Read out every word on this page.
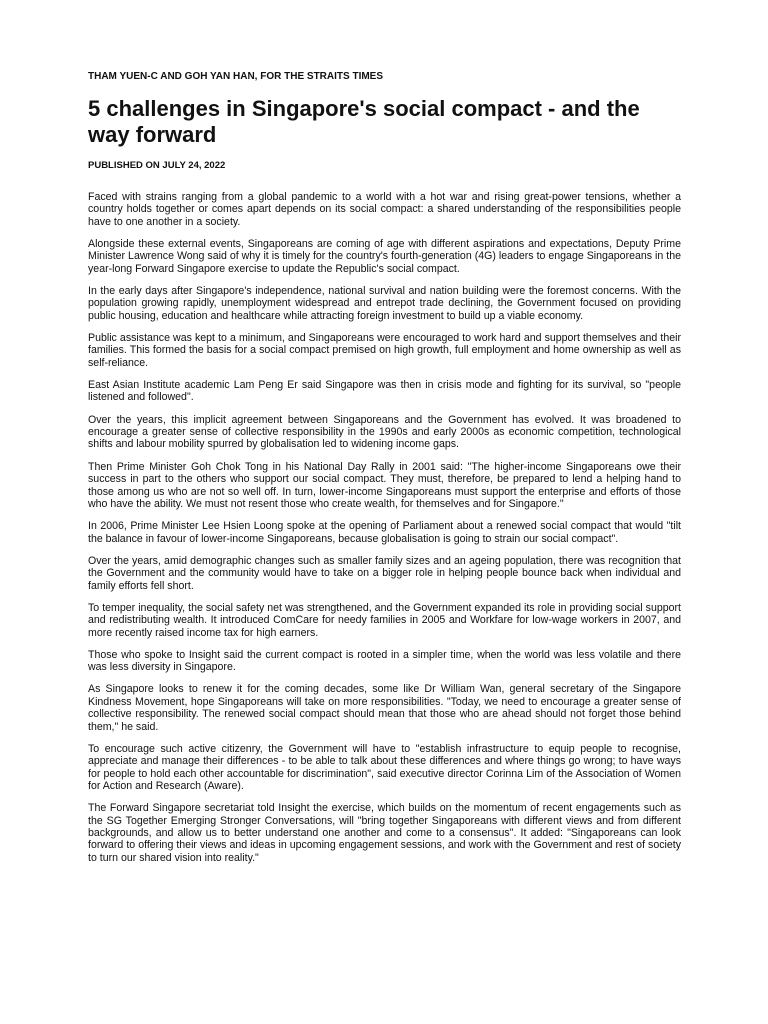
THAM YUEN-C AND GOH YAN HAN, FOR THE STRAITS TIMES
5 challenges in Singapore's social compact - and the way forward
PUBLISHED ON JULY 24, 2022

Faced with strains ranging from a global pandemic to a world with a hot war and rising great-power tensions, whether a country holds together or comes apart depends on its social compact: a shared understanding of the responsibilities people have to one another in a society.

Alongside these external events, Singaporeans are coming of age with different aspirations and expectations, Deputy Prime Minister Lawrence Wong said of why it is timely for the country's fourth-generation (4G) leaders to engage Singaporeans in the year-long Forward Singapore exercise to update the Republic's social compact.

In the early days after Singapore's independence, national survival and nation building were the foremost concerns. With the population growing rapidly, unemployment widespread and entrepot trade declining, the Government focused on providing public housing, education and healthcare while attracting foreign investment to build up a viable economy.

Public assistance was kept to a minimum, and Singaporeans were encouraged to work hard and support themselves and their families. This formed the basis for a social compact premised on high growth, full employment and home ownership as well as self-reliance.

East Asian Institute academic Lam Peng Er said Singapore was then in crisis mode and fighting for its survival, so "people listened and followed".

Over the years, this implicit agreement between Singaporeans and the Government has evolved. It was broadened to encourage a greater sense of collective responsibility in the 1990s and early 2000s as economic competition, technological shifts and labour mobility spurred by globalisation led to widening income gaps.

Then Prime Minister Goh Chok Tong in his National Day Rally in 2001 said: "The higher-income Singaporeans owe their success in part to the others who support our social compact. They must, therefore, be prepared to lend a helping hand to those among us who are not so well off. In turn, lower-income Singaporeans must support the enterprise and efforts of those who have the ability. We must not resent those who create wealth, for themselves and for Singapore."

In 2006, Prime Minister Lee Hsien Loong spoke at the opening of Parliament about a renewed social compact that would "tilt the balance in favour of lower-income Singaporeans, because globalisation is going to strain our social compact".

Over the years, amid demographic changes such as smaller family sizes and an ageing population, there was recognition that the Government and the community would have to take on a bigger role in helping people bounce back when individual and family efforts fell short.

To temper inequality, the social safety net was strengthened, and the Government expanded its role in providing social support and redistributing wealth. It introduced ComCare for needy families in 2005 and Workfare for low-wage workers in 2007, and more recently raised income tax for high earners.

Those who spoke to Insight said the current compact is rooted in a simpler time, when the world was less volatile and there was less diversity in Singapore.

As Singapore looks to renew it for the coming decades, some like Dr William Wan, general secretary of the Singapore Kindness Movement, hope Singaporeans will take on more responsibilities. "Today, we need to encourage a greater sense of collective responsibility. The renewed social compact should mean that those who are ahead should not forget those behind them," he said.

To encourage such active citizenry, the Government will have to "establish infrastructure to equip people to recognise, appreciate and manage their differences - to be able to talk about these differences and where things go wrong; to have ways for people to hold each other accountable for discrimination", said executive director Corinna Lim of the Association of Women for Action and Research (Aware).

The Forward Singapore secretariat told Insight the exercise, which builds on the momentum of recent engagements such as the SG Together Emerging Stronger Conversations, will "bring together Singaporeans with different views and from different backgrounds, and allow us to better understand one another and come to a consensus". It added: "Singaporeans can look forward to offering their views and ideas in upcoming engagement sessions, and work with the Government and rest of society to turn our shared vision into reality."
